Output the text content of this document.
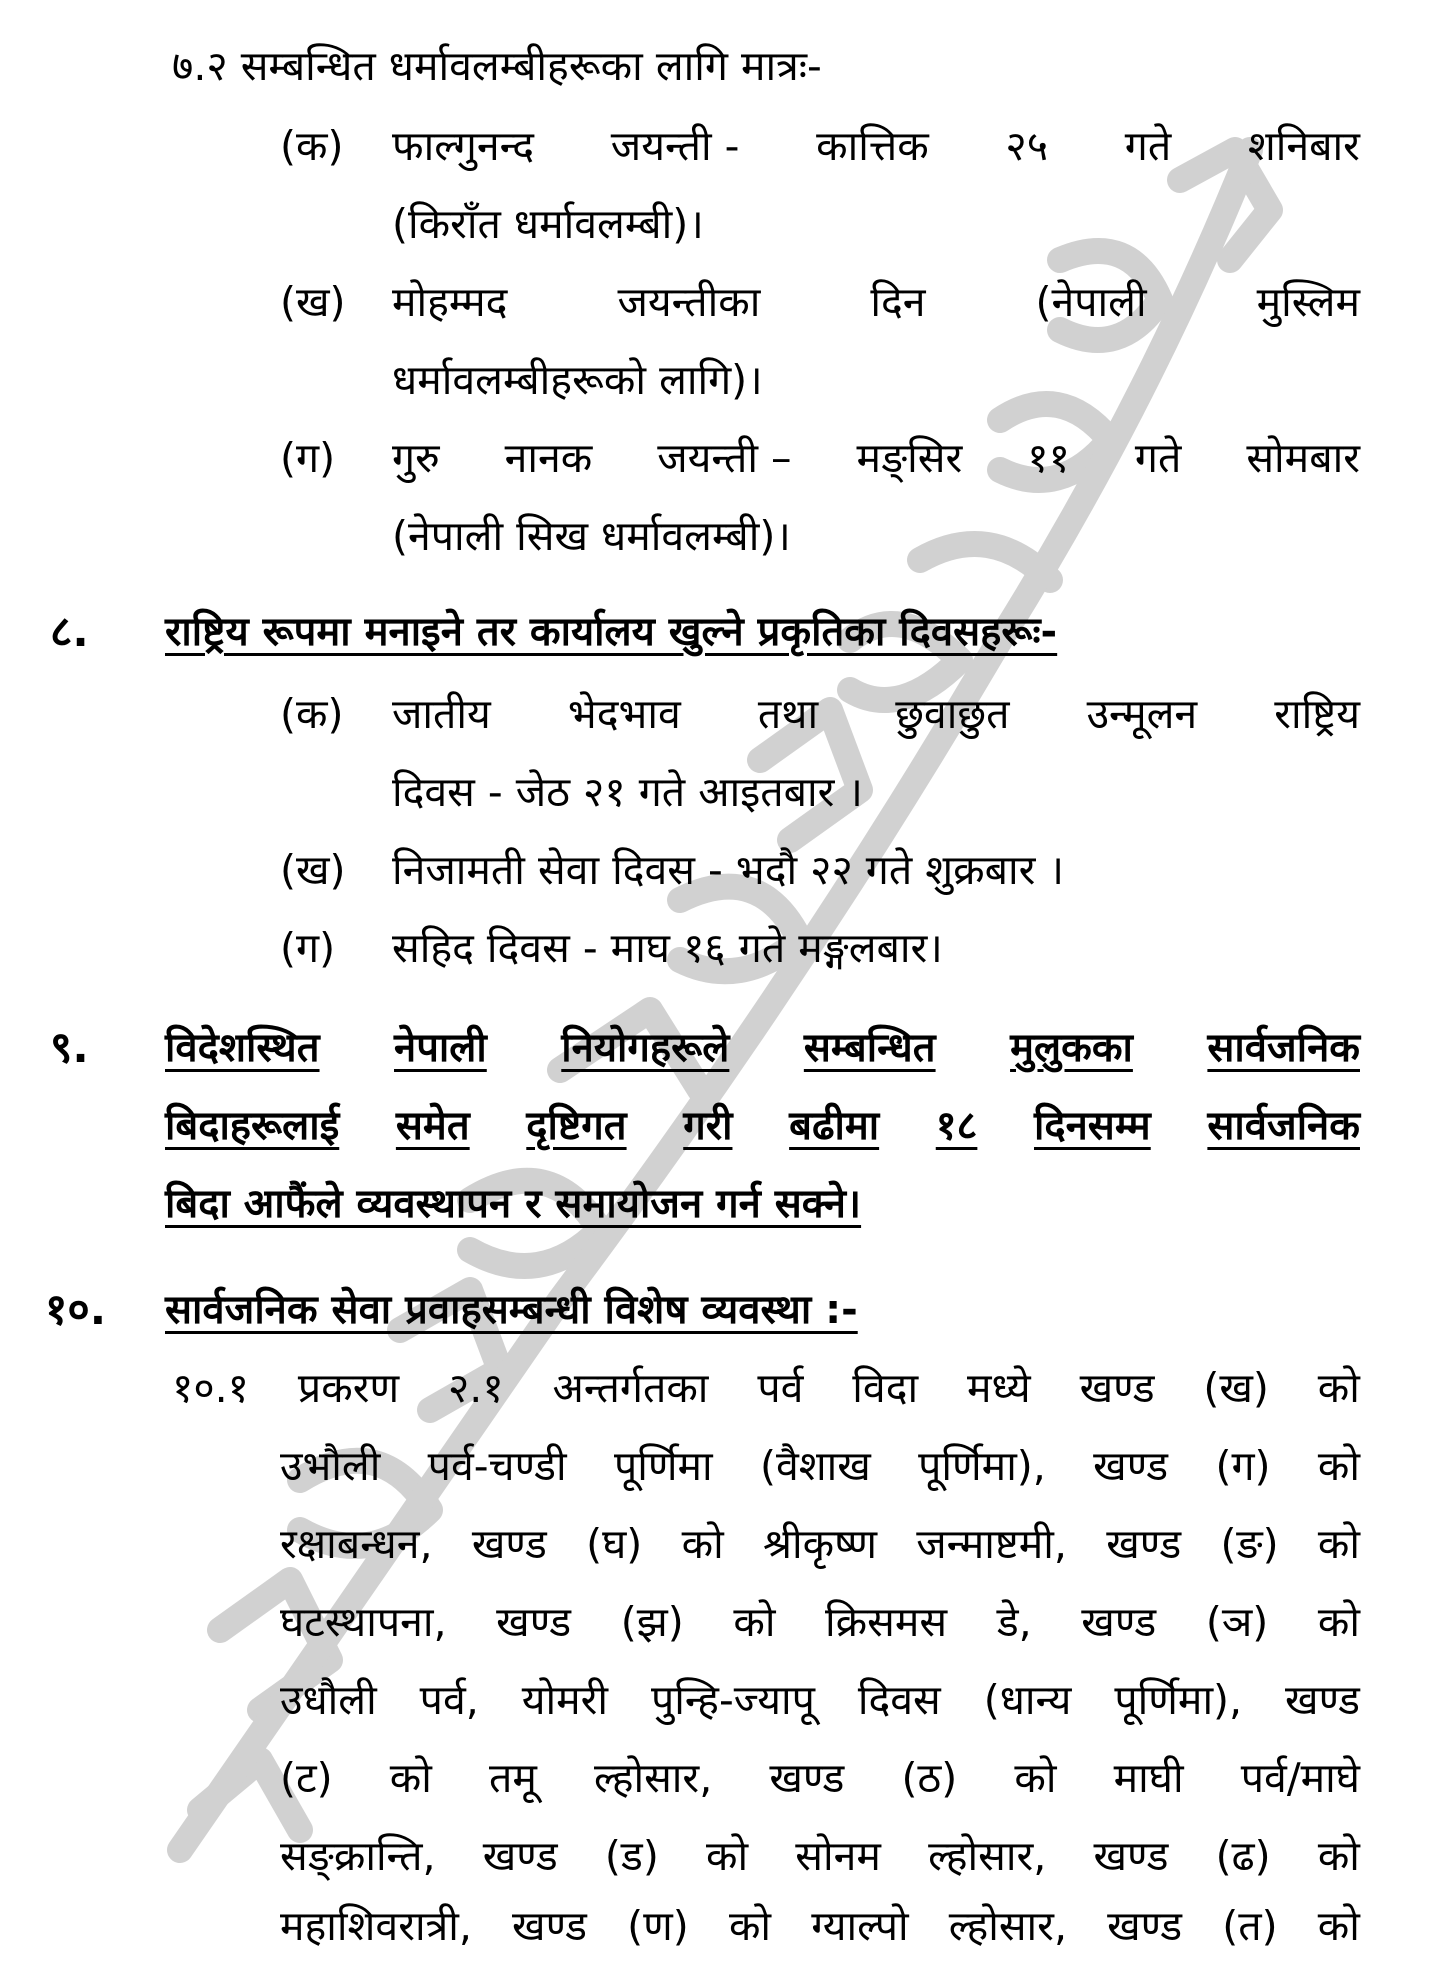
७.२ सम्बन्धित धर्मावलम्बीहरूका लागि मात्रः-
(क) फाल्गुनन्द जयन्ती - कात्तिक २५ गते शनिबार
(किराँत धर्मावलम्बी)।
(ख) मोहम्मद	जयन्तीका	दिन	(नेपाली	मुस्लिम
धर्मावलम्बीहरूको लागि)।
(ग) गुरु नानक जयन्ती – मङ्सिर ११ गते सोमबार
(नेपाली सिख धर्मावलम्बी)।
८. राष्ट्रिय रूपमा मनाइने तर कार्यालय खुल्ने प्रकृतिका दिवसहरूः-
(क) जातीय भेदभाव तथा छुवाछुत उन्मूलन राष्ट्रिय
दिवस - जेठ २१ गते आइतबार ।
(ख) निजामती सेवा दिवस - भदौ २२ गते शुक्रबार ।
(ग) सहिद दिवस - माघ १६ गते मङ्गलबार।
९. विदेशस्थित नेपाली नियोगहरूले सम्बन्धित मुलुकका सार्वजनिक
बिदाहरूलाई समेत दृष्टिगत गरी बढीमा १८ दिनसम्म सार्वजनिक
बिदा आफैंले व्यवस्थापन र समायोजन गर्न सक्ने।
१०. सार्वजनिक सेवा प्रवाहसम्बन्धी विशेष व्यवस्था :-
१०.१ प्रकरण २.१ अन्तर्गतका पर्व विदा मध्ये खण्ड (ख) को
उभौली पर्व-चण्डी पूर्णिमा (वैशाख पूर्णिमा), खण्ड (ग) को
रक्षाबन्धन, खण्ड (घ) को श्रीकृष्ण जन्माष्टमी, खण्ड (ङ) को
घटस्थापना, खण्ड (झ) को क्रिसमस डे, खण्ड (ञ) को
उधौली पर्व, योमरी पुन्हि-ज्यापू दिवस (धान्य पूर्णिमा), खण्ड
(ट) को तमू ल्होसार, खण्ड (ठ) को माघी पर्व/माघे
सङ्क्रान्ति, खण्ड (ड) को सोनम ल्होसार, खण्ड (ढ) को
महाशिवरात्री, खण्ड (ण) को ग्याल्पो ल्होसार, खण्ड (त) को
